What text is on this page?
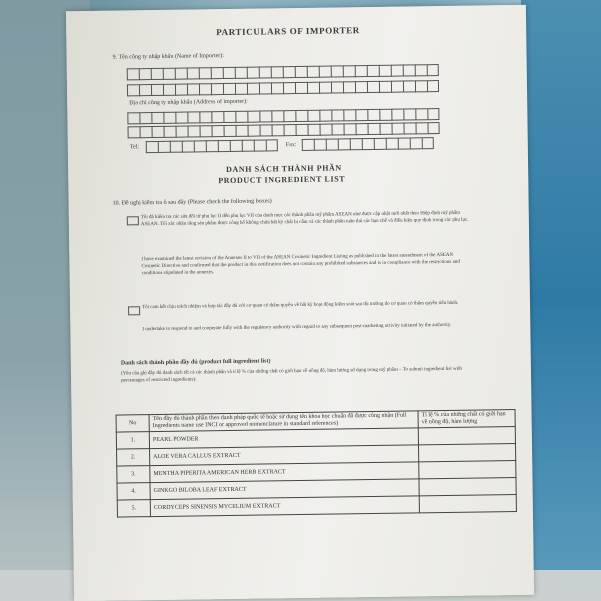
PARTICULARS OF IMPORTER
9. Tên công ty nhập khẩu (Name of Importer):
Địa chỉ công ty nhập khẩu (Address of importer):
Tel:	Fax:
DANH SÁCH THÀNH PHẦN
PRODUCT INGREDIENT LIST
10. Đề nghị kiểm tra ô sau đây (Please check the following boxes)
Tôi đã kiểm tra các sửa đổi từ phụ lục II đến phụ lục VII của danh mục các thành phần mỹ phẩm ASEAN như được cập nhật mới nhất theo Hiệp định mỹ phẩm ASEAN. Tôi xác nhận rằng sản phẩm được công bố không chứa bất kỳ chất bị cấm và các thành phần tuân thủ các hạn chế và điều kiện quy định trong các phụ lục.
I have examined the latest revision of the Annexes II to VII of the ASEAN Cosmetic Ingredient Listing as published in the latest amendment of the ASEAN Cosmetic Directive and confirmed that the product in this notification does not contain any prohibited substances and is in compliance with the restrictions and conditions stipulated in the annexes.
Tôi cam kết chịu trách nhiệm và hợp tác đầy đủ với cơ quan có thẩm quyền về bất kỳ hoạt động kiểm soát sau thị trường do cơ quan có thẩm quyền tiến hành.
I undertake to respond to and cooperate fully with the regulatory authority with regard to any subsequent post-marketing activity initiated by the authority.
Danh sách thành phần đầy đủ (product full ingredient list)
(Yêu cầu ghi đầy đủ danh sách tất cả các thành phần và tỉ lệ % của những chất có giới hạn về nồng độ, hàm lượng sử dụng trong mỹ phẩm – To submit ingredient list with percentages of restricted ingredients):
No	Tên đầy đủ thành phần theo danh pháp quốc tế hoặc sử dụng tên khoa học chuẩn đã được công nhận (Full Ingredients name use INCI or approved nomenclature in standard references)	Tỉ lệ % của những chất có giới hạn về nồng độ, hàm lượng
1.	PEARL POWDER	
2.	ALOE VERA CALLUS EXTRACT	
3.	MENTHA PIPERITA AMERICAN HERB EXTRACT	
4.	GINKGO BILOBA LEAF EXTRACT	
5.	CORDYCEPS SINENSIS MYCELIUM EXTRACT	
